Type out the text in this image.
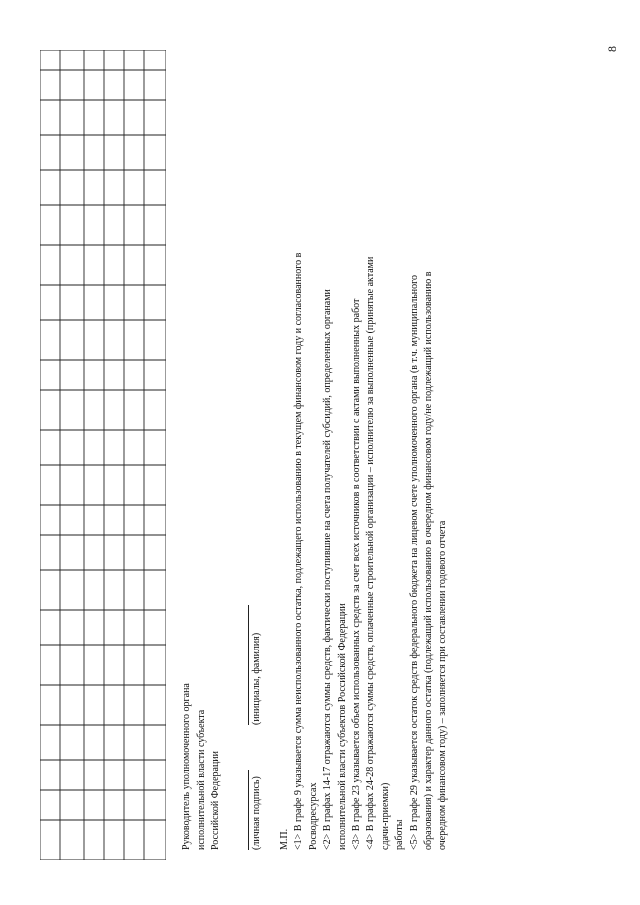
Руководитель уполномоченного органа исполнительной власти субъекта Российской Федерации	(личная подпись)
(инициалы, фамилия)

М.П. <1> В графе 9 указывается сумма неиспользованного остатка, подлежащего использованию в текущем финансовом году и согласованного в Росводресурсах <2> В графах 14-17 отражаются суммы средств, фактически поступившие на счета получателей субсидий, определенных органами исполнительной власти субъектов Российской Федерации <3> В графе 23 указывается объем использованных средств за счет всех источников в соответствии с актами выполненных работ <4> В графах 24-28 отражаются суммы средств, оплаченные строительной организации – исполнителю за выполненные (принятые актами сдачи-приемки) работы <5> В графе 29 указывается остаток средств федерального бюджета на лицевом счете уполномоченного органа (в т.ч. муниципального образования) и характер данного остатка (подлежащий использованию в очередном финансовом году/не подлежащий использованию в очередном финансовом году) – заполняется при составлении годового отчета

8
